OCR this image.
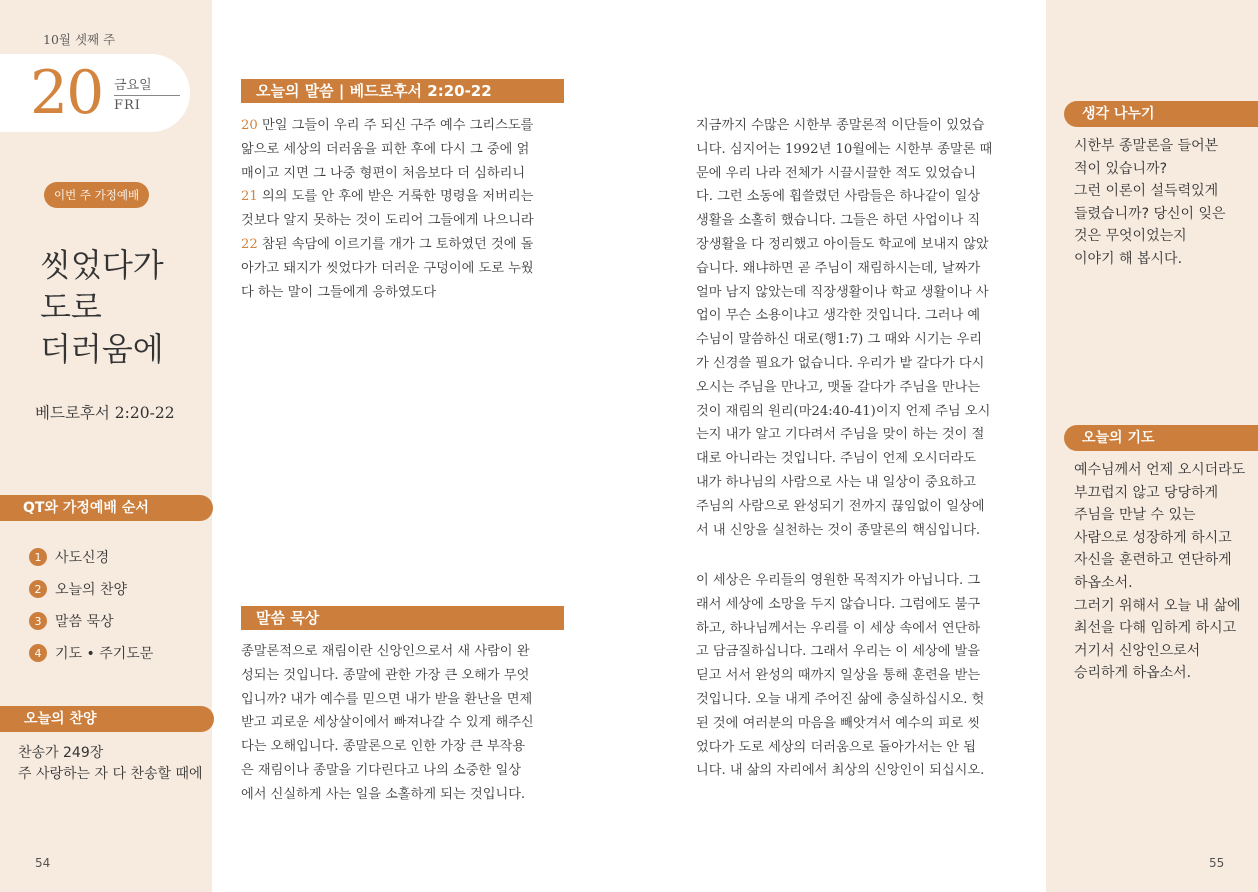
10월 셋째 주
20 금요일
FRI
이번 주 가정예배
씻었다가
도로
더러움에
베드로후서 2:20-22
QT와 가정예배 순서
1 사도신경
2 오늘의 찬양
3 말씀 묵상
4 기도 • 주기도문
오늘의 찬양
찬송가 249장
주 사랑하는 자 다 찬송할 때에
54	55
오늘의 말씀 | 베드로후서 2:20-22
20 만일 그들이 우리 주 되신 구주 예수 그리스도를
앎으로 세상의 더러움을 피한 후에 다시 그 중에 얽
매이고 지면 그 나중 형편이 처음보다 더 심하리니
21 의의 도를 안 후에 받은 거룩한 명령을 저버리는
것보다 알지 못하는 것이 도리어 그들에게 나으니라
22 참된 속담에 이르기를 개가 그 토하였던 것에 돌
아가고 돼지가 씻었다가 더러운 구덩이에 도로 누웠
다 하는 말이 그들에게 응하였도다
말씀 묵상
종말론적으로 재림이란 신앙인으로서 새 사람이 완
성되는 것입니다. 종말에 관한 가장 큰 오해가 무엇
입니까? 내가 예수를 믿으면 내가 받을 환난을 면제
받고 괴로운 세상살이에서 빠져나갈 수 있게 해주신
다는 오해입니다. 종말론으로 인한 가장 큰 부작용
은 재림이나 종말을 기다린다고 나의 소중한 일상
에서 신실하게 사는 일을 소홀하게 되는 것입니다.
지금까지 수많은 시한부 종말론적 이단들이 있었습
니다. 심지어는 1992년 10월에는 시한부 종말론 때
문에 우리 나라 전체가 시끌시끌한 적도 있었습니
다. 그런 소동에 휩쓸렸던 사람들은 하나같이 일상
생활을 소홀히 했습니다. 그들은 하던 사업이나 직
장생활을 다 정리했고 아이들도 학교에 보내지 않았
습니다. 왜냐하면 곧 주님이 재림하시는데, 날짜가
얼마 남지 않았는데 직장생활이나 학교 생활이나 사
업이 무슨 소용이냐고 생각한 것입니다. 그러나 예
수님이 말씀하신 대로(행1:7) 그 때와 시기는 우리
가 신경쓸 필요가 없습니다. 우리가 밭 갈다가 다시
오시는 주님을 만나고, 맷돌 갈다가 주님을 만나는
것이 재림의 원리(마24:40-41)이지 언제 주님 오시
는지 내가 알고 기다려서 주님을 맞이 하는 것이 절
대로 아니라는 것입니다. 주님이 언제 오시더라도
내가 하나님의 사람으로 사는 내 일상이 중요하고
주님의 사람으로 완성되기 전까지 끊임없이 일상에
서 내 신앙을 실천하는 것이 종말론의 핵심입니다.
이 세상은 우리들의 영원한 목적지가 아닙니다. 그
래서 세상에 소망을 두지 않습니다. 그럼에도 불구
하고, 하나님께서는 우리를 이 세상 속에서 연단하
고 담금질하십니다. 그래서 우리는 이 세상에 발을
딛고 서서 완성의 때까지 일상을 통해 훈련을 받는
것입니다. 오늘 내게 주어진 삶에 충실하십시오. 헛
된 것에 여러분의 마음을 빼앗겨서 예수의 피로 씻
었다가 도로 세상의 더러움으로 돌아가서는 안 됩
니다. 내 삶의 자리에서 최상의 신앙인이 되십시오.
생각 나누기
시한부 종말론을 들어본
적이 있습니까?
그런 이론이 설득력있게
들렸습니까? 당신이 잊은
것은 무엇이었는지
이야기 해 봅시다.
오늘의 기도
예수님께서 언제 오시더라도
부끄럽지 않고 당당하게
주님을 만날 수 있는
사람으로 성장하게 하시고
자신을 훈련하고 연단하게
하옵소서.
그러기 위해서 오늘 내 삶에
최선을 다해 임하게 하시고
거기서 신앙인으로서
승리하게 하옵소서.
